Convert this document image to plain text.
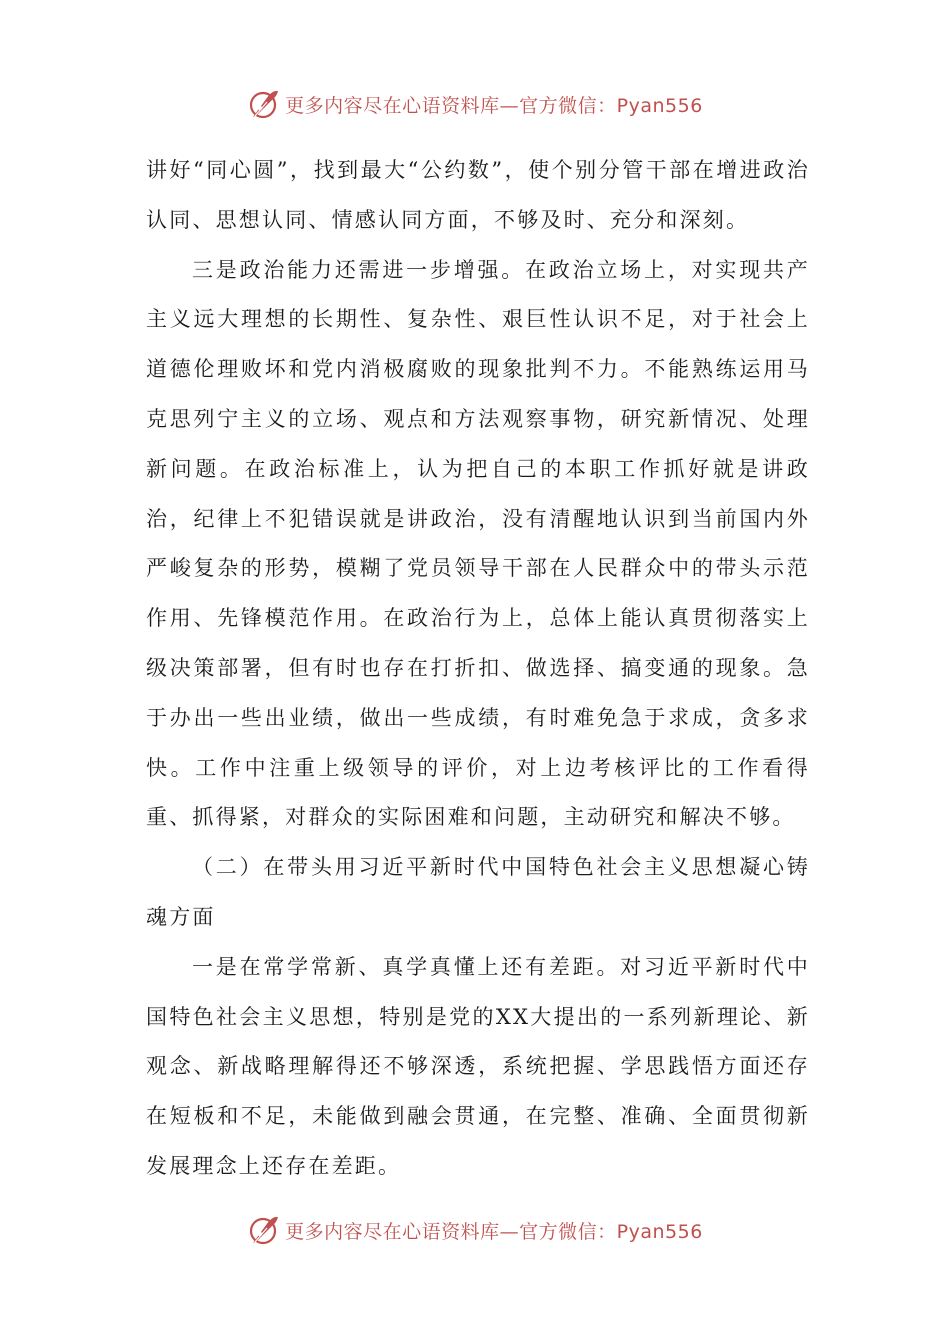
更多内容尽在心语资料库—官方微信：Pyan556

讲好“同心圆”，找到最大“公约数”，使个别分管干部在增进政治认同、思想认同、情感认同方面，不够及时、充分和深刻。

三是政治能力还需进一步增强。在政治立场上，对实现共产主义远大理想的长期性、复杂性、艰巨性认识不足，对于社会上道德伦理败坏和党内消极腐败的现象批判不力。不能熟练运用马克思列宁主义的立场、观点和方法观察事物，研究新情况、处理新问题。在政治标准上，认为把自己的本职工作抓好就是讲政治，纪律上不犯错误就是讲政治，没有清醒地认识到当前国内外严峻复杂的形势，模糊了党员领导干部在人民群众中的带头示范作用、先锋模范作用。在政治行为上，总体上能认真贯彻落实上级决策部署，但有时也存在打折扣、做选择、搞变通的现象。急于办出一些出业绩，做出一些成绩，有时难免急于求成，贪多求快。工作中注重上级领导的评价，对上边考核评比的工作看得重、抓得紧，对群众的实际困难和问题，主动研究和解决不够。

（二）在带头用习近平新时代中国特色社会主义思想凝心铸魂方面

一是在常学常新、真学真懂上还有差距。对习近平新时代中国特色社会主义思想，特别是党的XX大提出的一系列新理论、新观念、新战略理解得还不够深透，系统把握、学思践悟方面还存在短板和不足，未能做到融会贯通，在完整、准确、全面贯彻新发展理念上还存在差距。

更多内容尽在心语资料库—官方微信：Pyan556
